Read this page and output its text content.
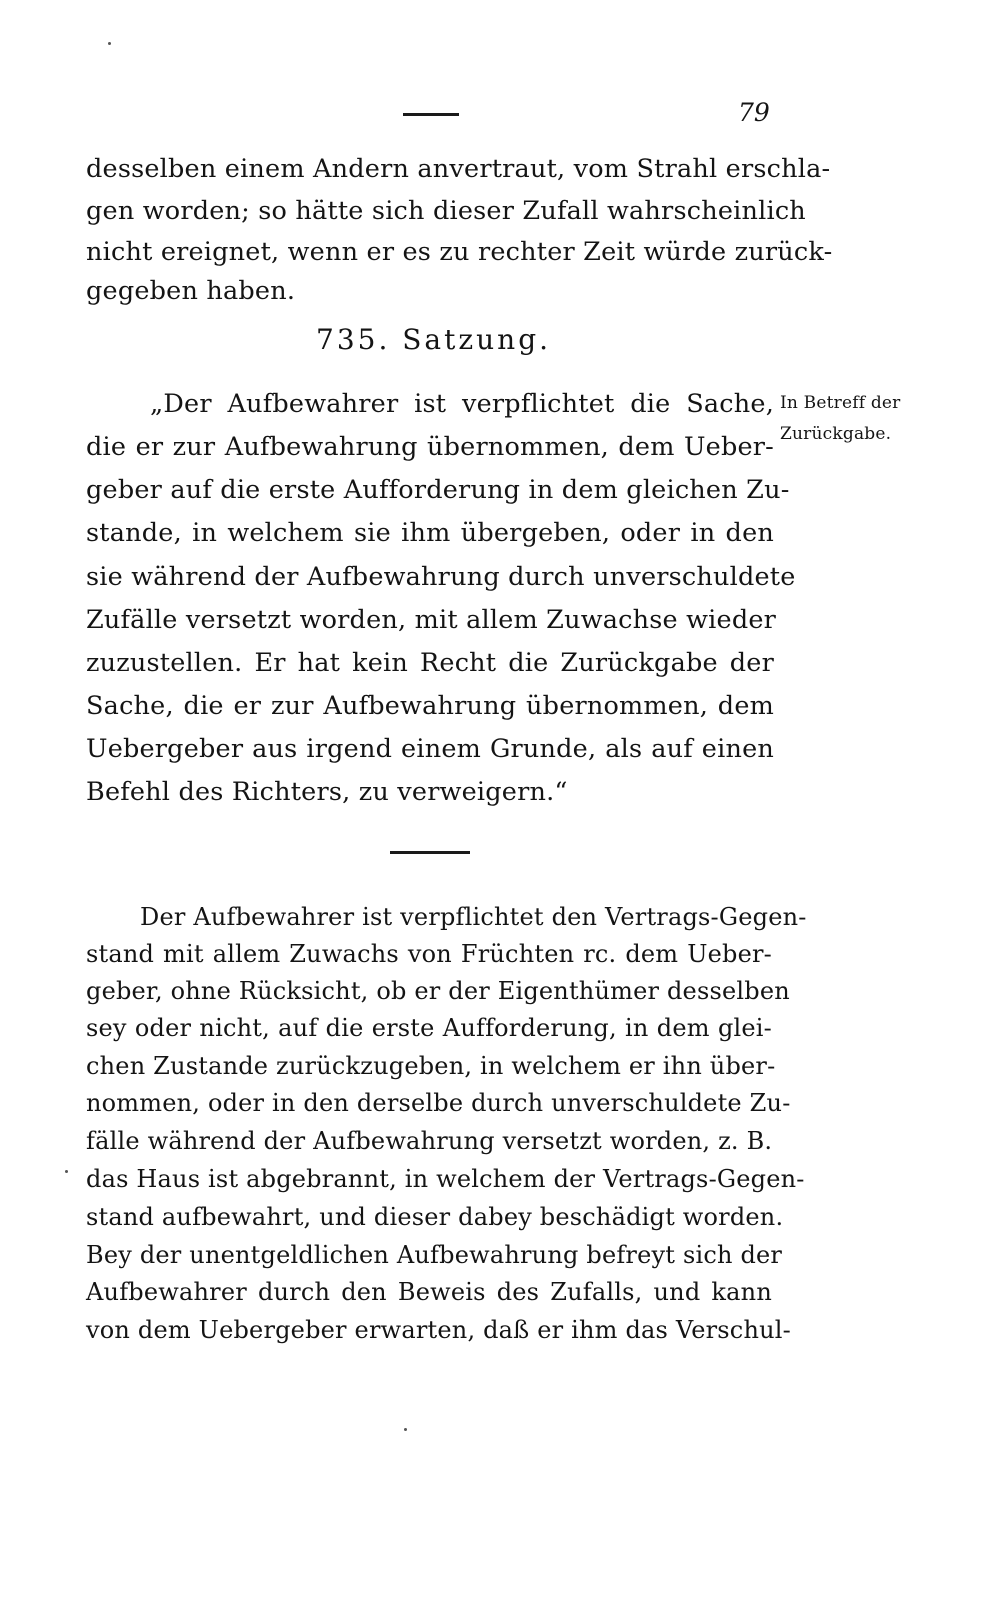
79
desselben einem Andern anvertraut, vom Strahl erschla-
gen worden; so hätte sich dieser Zufall wahrscheinlich
nicht ereignet, wenn er es zu rechter Zeit würde zurück-
gegeben haben.
735. Satzung.
In Betreff der
Zurückgabe.
„Der Aufbewahrer ist verpflichtet die Sache,
die er zur Aufbewahrung übernommen, dem Ueber-
geber auf die erste Aufforderung in dem gleichen Zu-
stande, in welchem sie ihm übergeben, oder in den
sie während der Aufbewahrung durch unverschuldete
Zufälle versetzt worden, mit allem Zuwachse wieder
zuzustellen. Er hat kein Recht die Zurückgabe der
Sache, die er zur Aufbewahrung übernommen, dem
Uebergeber aus irgend einem Grunde, als auf einen
Befehl des Richters, zu verweigern.“
Der Aufbewahrer ist verpflichtet den Vertrags-Gegen-
stand mit allem Zuwachs von Früchten rc. dem Ueber-
geber, ohne Rücksicht, ob er der Eigenthümer desselben
sey oder nicht, auf die erste Aufforderung, in dem glei-
chen Zustande zurückzugeben, in welchem er ihn über-
nommen, oder in den derselbe durch unverschuldete Zu-
fälle während der Aufbewahrung versetzt worden, z. B.
das Haus ist abgebrannt, in welchem der Vertrags-Gegen-
stand aufbewahrt, und dieser dabey beschädigt worden.
Bey der unentgeldlichen Aufbewahrung befreyt sich der
Aufbewahrer durch den Beweis des Zufalls, und kann
von dem Uebergeber erwarten, daß er ihm das Verschul-
